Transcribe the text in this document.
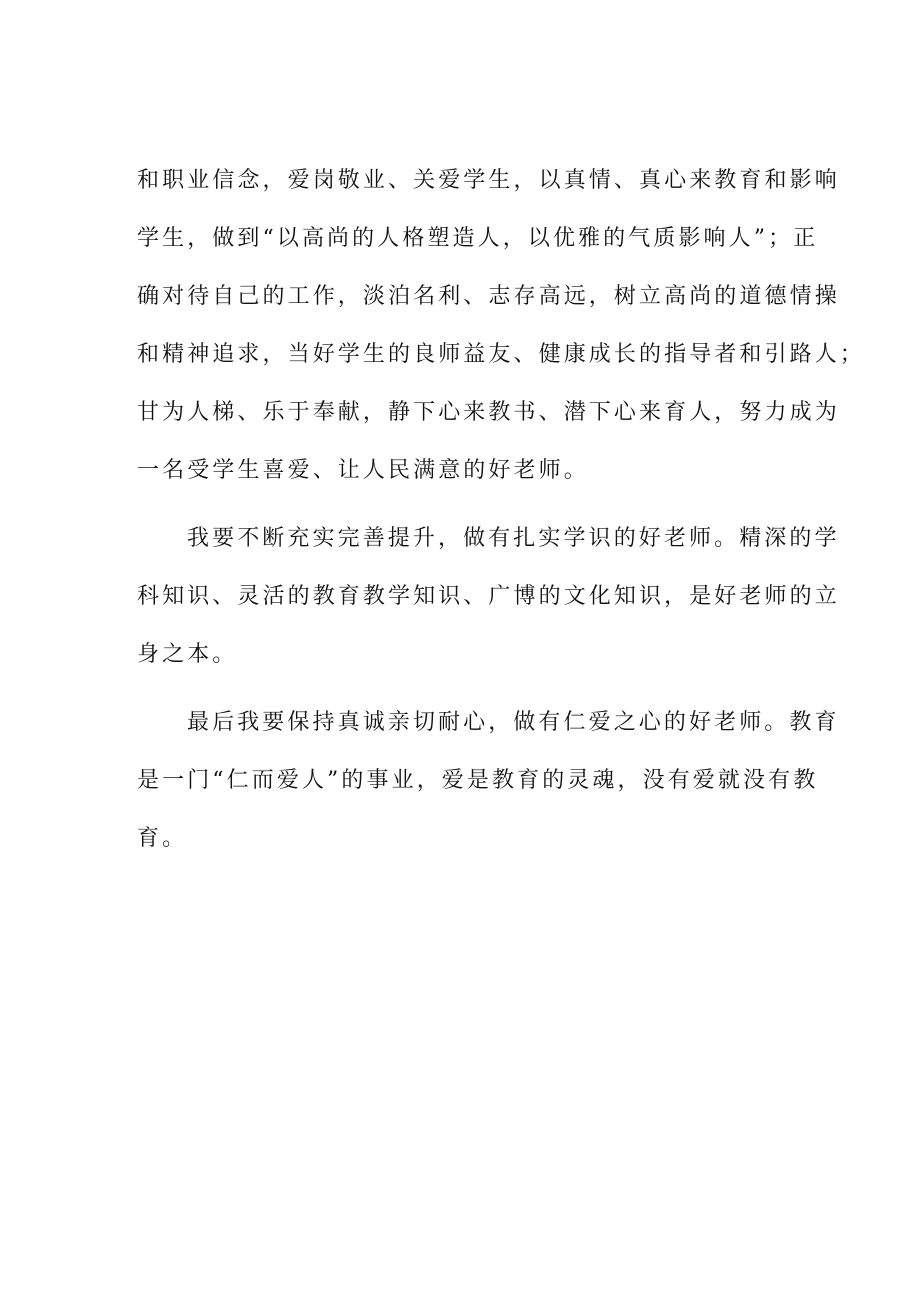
和职业信念，爱岗敬业、关爱学生，以真情、真心来教育和影响
学生，做到“以高尚的人格塑造人，以优雅的气质影响人”；正
确对待自己的工作，淡泊名利、志存高远，树立高尚的道德情操
和精神追求，当好学生的良师益友、健康成长的指导者和引路人；
甘为人梯、乐于奉献，静下心来教书、潜下心来育人，努力成为
一名受学生喜爱、让人民满意的好老师。
我要不断充实完善提升，做有扎实学识的好老师。精深的学
科知识、灵活的教育教学知识、广博的文化知识，是好老师的立
身之本。
最后我要保持真诚亲切耐心，做有仁爱之心的好老师。教育
是一门“仁而爱人”的事业，爱是教育的灵魂，没有爱就没有教
育。
